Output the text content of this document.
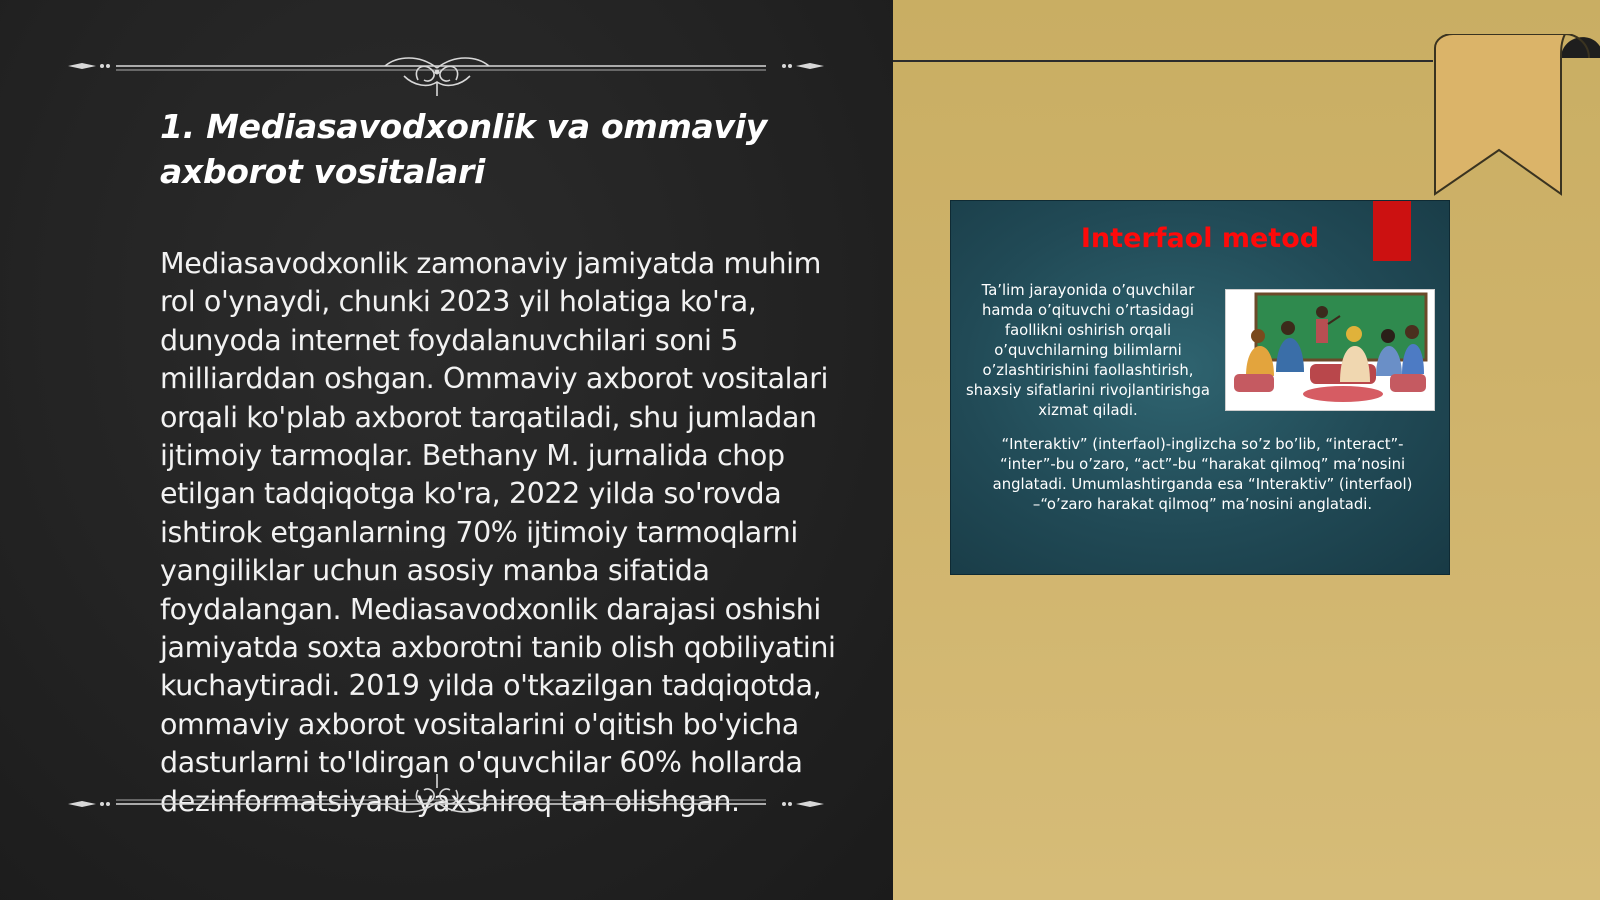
1. Mediasavodxonlik va ommaviy axborot vositalari
Mediasavodxonlik zamonaviy jamiyatda muhim rol o'ynaydi, chunki 2023 yil holatiga ko'ra, dunyoda internet foydalanuvchilari soni 5 milliarddan oshgan. Ommaviy axborot vositalari orqali ko'plab axborot tarqatiladi, shu jumladan ijtimoiy tarmoqlar. Bethany M. jurnalida chop etilgan tadqiqotga ko'ra, 2022 yilda so'rovda ishtirok etganlarning 70% ijtimoiy tarmoqlarni yangiliklar uchun asosiy manba sifatida foydalangan. Mediasavodxonlik darajasi oshishi jamiyatda soxta axborotni tanib olish qobiliyatini kuchaytiradi. 2019 yilda o'tkazilgan tadqiqotda, ommaviy axborot vositalarini o'qitish bo'yicha dasturlarni to'ldirgan o'quvchilar 60% hollarda dezinformatsiyani yaxshiroq tan olishgan.
Interfaol metod
Ta’lim jarayonida o’quvchilar hamda o’qituvchi o’rtasidagi faollikni oshirish orqali o’quvchilarning bilimlarni o’zlashtirishini faollashtirish, shaxsiy sifatlarini rivojlantirishga xizmat qiladi.
“Interaktiv” (interfaol)-inglizcha so’z bo’lib, “interact”- “inter”-bu o’zaro, “act”-bu “harakat qilmoq” ma’nosini anglatadi. Umumlashtirganda esa “Interaktiv” (interfaol) –“o’zaro harakat qilmoq” ma’nosini anglatadi.
